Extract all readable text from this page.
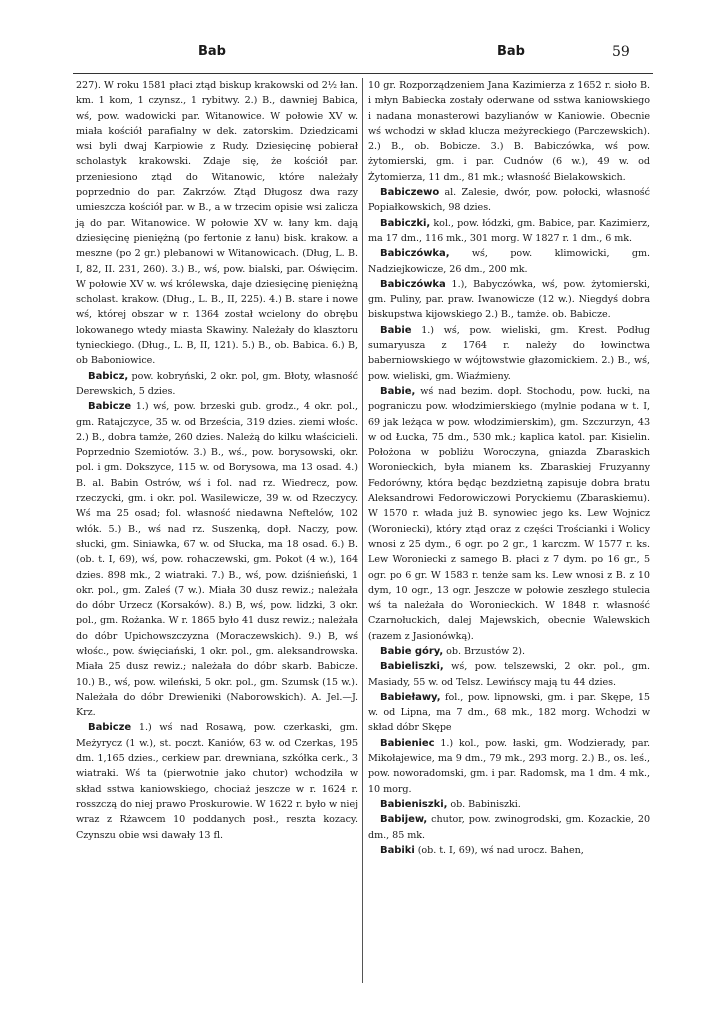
Bab	Bab	59

227). W roku 1581 płaci ztąd biskup krakowski od 2½ łan. km. 1 kom, 1 czynsz., 1 rybitwy. 2.) B., dawniej Babica, wś, pow. wadowicki par. Witanowice. W połowie XV w. miała kościół parafialny w dek. zatorskim. Dziedzicami wsi byli dwaj Karpiowie z Rudy. Dziesięcinę pobierał scholastyk krakowski. Zdaje się, że kościół par. przeniesiono ztąd do Witanowic, które należały poprzednio do par. Zakrzów. Ztąd Długosz dwa razy umieszcza kościół par. w B., a w trzecim opisie wsi zalicza ją do par. Witanowice. W połowie XV w. łany km. dają dziesięcinę pieniężną (po fertonie z łanu) bisk. krakow. a meszne (po 2 gr.) plebanowi w Witanowicach. (Dług, L. B. I, 82, II. 231, 260). 3.) B., wś, pow. bialski, par. Oświęcim. W połowie XV w. wś królewska, daje dziesięcinę pieniężną scholast. krakow. (Dług., L. B., II, 225). 4.) B. stare i nowe wś, której obszar w r. 1364 został wcielony do obrębu lokowanego wtedy miasta Skawiny. Należały do klasztoru tynieckiego. (Dług., L. B, II, 121). 5.) B., ob. Babica. 6.) B, ob Baboniowice.

Babicz, pow. kobryński, 2 okr. pol, gm. Błoty, własność Derewskich, 5 dzies.

Babicze 1.) wś, pow. brzeski gub. grodz., 4 okr. pol., gm. Ratajczyce, 35 w. od Brześcia, 319 dzies. ziemi włośc. 2.) B., dobra tamże, 260 dzies. Należą do kilku właścicieli. Poprzednio Szemiotów. 3.) B., wś., pow. borysowski, okr. pol. i gm. Dokszyce, 115 w. od Borysowa, ma 13 osad. 4.) B. al. Babin Ostrów, wś i fol. nad rz. Wiedrecz, pow. rzeczycki, gm. i okr. pol. Wasilewicze, 39 w. od Rzeczycy. Wś ma 25 osad; fol. własność niedawna Neftelów, 102 włók. 5.) B., wś nad rz. Suszenką, dopł. Naczy, pow. słucki, gm. Siniawka, 67 w. od Słucka, ma 18 osad. 6.) B. (ob. t. I, 69), wś, pow. rohaczewski, gm. Pokot (4 w.), 164 dzies. 898 mk., 2 wiatraki. 7.) B., wś, pow. dziśnieński, 1 okr. pol., gm. Zaleś (7 w.). Miała 30 dusz rewiz.; należała do dóbr Urzecz (Korsaków). 8.) B, wś, pow. lidzki, 3 okr. pol., gm. Rożanka. W r. 1865 było 41 dusz rewiz.; należała do dóbr Upichowszczyzna (Moraczewskich). 9.) B, wś włośc., pow. święciański, 1 okr. pol., gm. aleksandrowska. Miała 25 dusz rewiz.; należała do dóbr skarb. Babicze. 10.) B., wś, pow. wileński, 5 okr. pol., gm. Szumsk (15 w.). Należała do dóbr Drewieniki (Naborowskich). A. Jel.—J. Krz.

Babicze 1.) wś nad Rosawą, pow. czerkaski, gm. Meżyrycz (1 w.), st. poczt. Kaniów, 63 w. od Czerkas, 195 dm. 1,165 dzies., cerkiew par. drewniana, szkółka cerk., 3 wiatraki. Wś ta (pierwotnie jako chutor) wchodziła w skład sstwa kaniowskiego, chociaż jeszcze w r. 1624 r. rosszczą do niej prawo Proskurowie. W 1622 r. było w niej wraz z Rżawcem 10 poddanych posł., reszta kozacy. Czynszu obie wsi dawały 13 fl.

10 gr. Rozporządzeniem Jana Kazimierza z 1652 r. sioło B. i młyn Babiecka zostały oderwane od sstwa kaniowskiego i nadana monasterowi bazylianów w Kaniowie. Obecnie wś wchodzi w skład klucza meżyreckiego (Parczewskich). 2.) B., ob. Bobicze. 3.) B. Babiczówka, wś pow. żytomierski, gm. i par. Cudnów (6 w.), 49 w. od Żytomierza, 11 dm., 81 mk.; własność Bielakowskich.

Babiczewo al. Zalesie, dwór, pow. połocki, własność Popiałkowskich, 98 dzies.

Babiczki, kol., pow. łódzki, gm. Babice, par. Kazimierz, ma 17 dm., 116 mk., 301 morg. W 1827 r. 1 dm., 6 mk.

Babiczówka, wś, pow. klimowicki, gm. Nadziejkowicze, 26 dm., 200 mk.

Babiczówka 1.), Babyczówka, wś, pow. żytomierski, gm. Puliny, par. praw. Iwanowicze (12 w.). Niegdyś dobra biskupstwa kijowskiego 2.) B., tamże. ob. Babicze.

Babie 1.) wś, pow. wieliski, gm. Krest. Podług sumaryusza z 1764 r. należy do łowinctwa baberniowskiego w wójtowstwie głazomickiem. 2.) B., wś, pow. wieliski, gm. Wiaźmieny.

Babie, wś nad bezim. dopł. Stochodu, pow. łucki, na pograniczu pow. włodzimierskiego (mylnie podana w t. I, 69 jak leżąca w pow. włodzimierskim), gm. Szczurzyn, 43 w od Łucka, 75 dm., 530 mk.; kaplica katol. par. Kisielin. Położona w pobliżu Woroczyna, gniazda Zbaraskich Woronieckich, była mianem ks. Zbaraskiej Fruzyanny Fedorówny, która będąc bezdzietną zapisuje dobra bratu Aleksandrowi Fedorowiczowi Poryckiemu (Zbaraskiemu). W 1570 r. włada już B. synowiec jego ks. Lew Wojnicz (Woroniecki), który ztąd oraz z części Trościanki i Wolicy wnosi z 25 dym., 6 ogr. po 2 gr., 1 karczm. W 1577 r. ks. Lew Woroniecki z samego B. płaci z 7 dym. po 16 gr., 5 ogr. po 6 gr. W 1583 r. tenże sam ks. Lew wnosi z B. z 10 dym, 10 ogr., 13 ogr. Jeszcze w połowie zeszłego stulecia wś ta należała do Woronieckich. W 1848 r. własność Czarnołuckich, dalej Majewskich, obecnie Walewskich (razem z Jasionówką).

Babie góry, ob. Brzustów 2).

Babieliszki, wś, pow. telszewski, 2 okr. pol., gm. Masiady, 55 w. od Telsz. Lewińscy mają tu 44 dzies.

Babieławy, fol., pow. lipnowski, gm. i par. Skępe, 15 w. od Lipna, ma 7 dm., 68 mk., 182 morg. Wchodzi w skład dóbr Skępe

Babieniec 1.) kol., pow. łaski, gm. Wodzierady, par. Mikołajewice, ma 9 dm., 79 mk., 293 morg. 2.) B., os. leś., pow. noworadomski, gm. i par. Radomsk, ma 1 dm. 4 mk., 10 morg.

Babieniszki, ob. Babiniszki.

Babijew, chutor, pow. zwinogrodski, gm. Kozackie, 20 dm., 85 mk.

Babiki (ob. t. I, 69), wś nad urocz. Bahen,
